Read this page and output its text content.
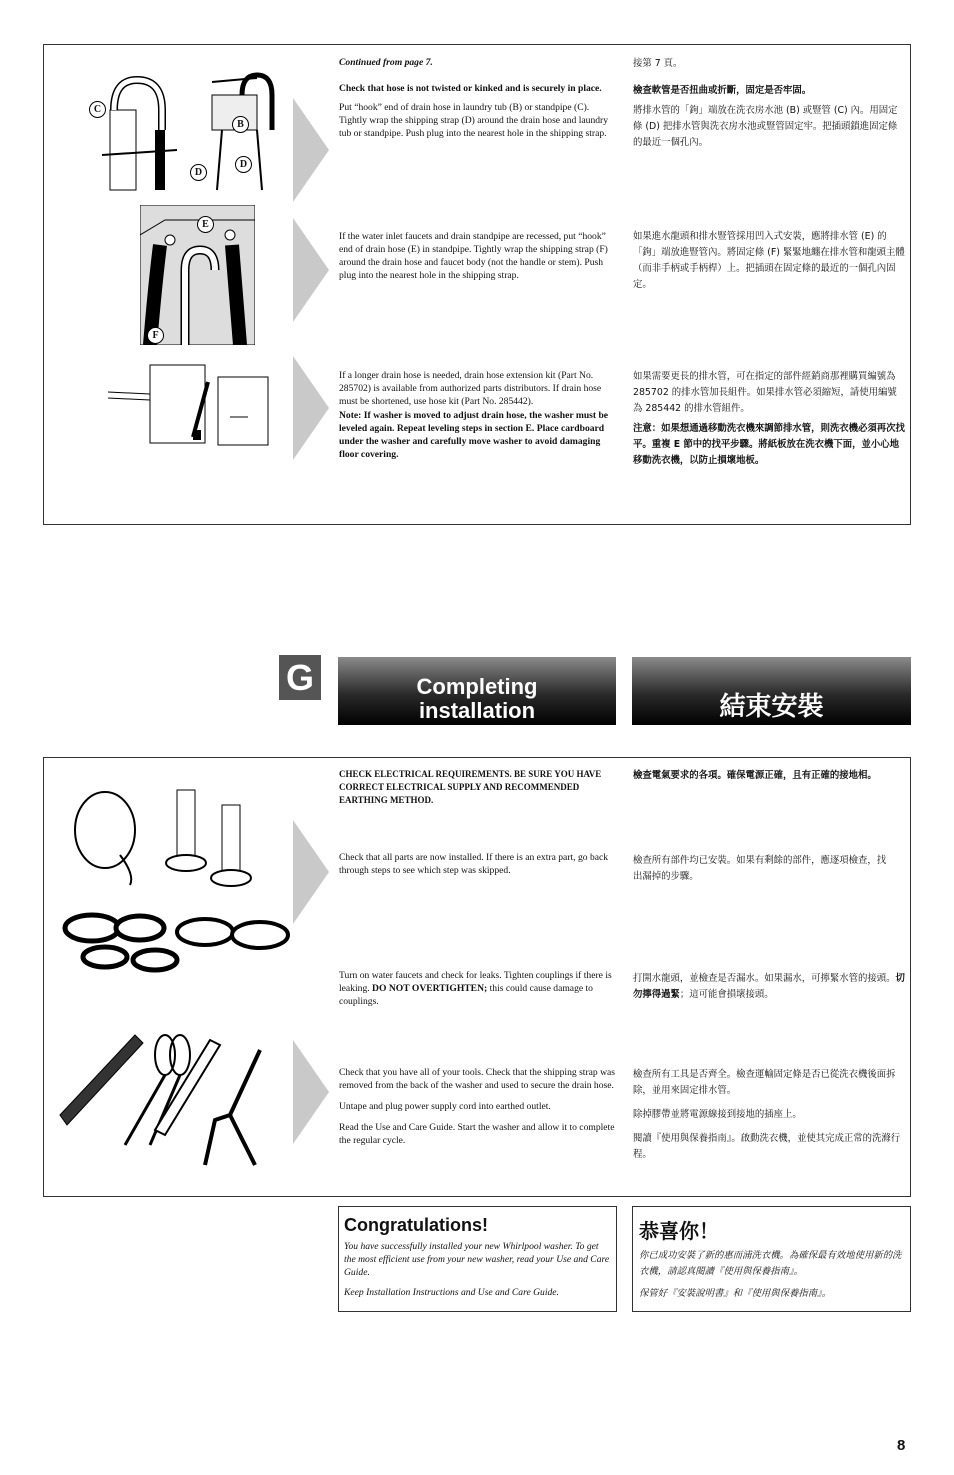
C
B
D
D

Continued from page 7.

Check that hose is not twisted or kinked and is securely in place.

Put “hook” end of drain hose in laundry tub (B) or standpipe (C). Tightly wrap the shipping strap (D) around the drain hose and laundry tub or standpipe. Push plug into the nearest hole in the shipping strap.

接第 7 頁。
檢查軟管是否扭曲或折斷，固定是否牢固。
將排水管的「鉤」端放在洗衣房水池 (B) 或豎管 (C) 內。用固定條 (D) 把排水管與洗衣房水池或豎管固定牢。把插頭鎖進固定條的最近一個孔內。
E
F

If the water inlet faucets and drain standpipe are recessed, put “hook” end of drain hose (E) in standpipe. Tightly wrap the shipping strap (F) around the drain hose and faucet body (not the handle or stem). Push plug into the nearest hole in the shipping strap.

如果進水龍頭和排水豎管採用凹入式安裝，應將排水管 (E) 的「鉤」端放進豎管內。將固定條 (F) 緊緊地纏在排水管和龍頭主體（而非手柄或手柄桿）上。把插頭在固定條的最近的一個孔內固定。

If a longer drain hose is needed, drain hose extension kit (Part No. 285702) is available from authorized parts distributors. If drain hose must be shortened, use hose kit (Part No. 285442).

Note: If washer is moved to adjust drain hose, the washer must be leveled again. Repeat leveling steps in section E. Place cardboard under the washer and carefully move washer to avoid damaging floor covering.

如果需要更長的排水管，可在指定的部件經銷商那裡購買編號為 285702 的排水管加長組件。如果排水管必須縮短，請使用編號為 285442 的排水管組件。
注意：如果想通過移動洗衣機來調節排水管，則洗衣機必須再次找平。重複 E 節中的找平步驟。將紙板放在洗衣機下面，並小心地移動洗衣機，以防止損壞地板。
G	Completing
installation	結束安裝
CHECK ELECTRICAL REQUIREMENTS. BE SURE YOU HAVE CORRECT ELECTRICAL SUPPLY AND RECOMMENDED EARTHING METHOD.
Check that all parts are now installed. If there is an extra part, go back through steps to see which step was skipped.
Turn on water faucets and check for leaks. Tighten couplings if there is leaking. DO NOT OVERTIGHTEN; this could cause damage to couplings.

Check that you have all of your tools. Check that the shipping strap was removed from the back of the washer and used to secure the drain hose.

Untape and plug power supply cord into earthed outlet.

Read the Use and Care Guide. Start the washer and allow it to complete the regular cycle.

檢查電氣要求的各項。確保電源正確，且有正確的接地相。
檢查所有部件均已安裝。如果有剩餘的部件，應逐項檢查，找出漏掉的步驟。
打開水龍頭，並檢查是否漏水。如果漏水，可擰緊水管的接頭。切勿擰得過緊；這可能會損壞接頭。
檢查所有工具是否齊全。檢查運輸固定條是否已從洗衣機後面拆除，並用來固定排水管。
除掉膠帶並將電源線接到接地的插座上。
閱讀『使用與保養指南』。啟動洗衣機，並使其完成正常的洗滌行程。
Congratulations!
You have successfully installed your new Whirlpool washer. To get the most efficient use from your new washer, read your Use and Care Guide.
Keep Installation Instructions and Use and Care Guide.
恭喜你！
你已成功安裝了新的惠而浦洗衣機。為確保最有效地使用新的洗衣機，請認真閱讀『使用與保養指南』。
保管好『安裝說明書』和『使用與保養指南』。
8
